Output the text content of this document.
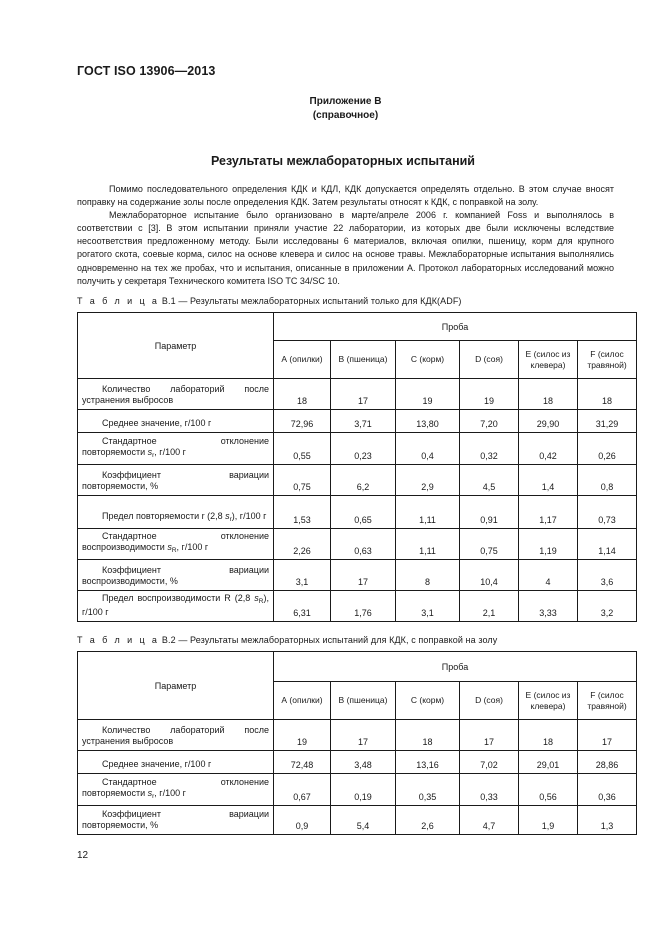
ГОСТ ISO 13906—2013
Приложение В
(справочное)
Результаты межлабораторных испытаний

Помимо последовательного определения КДК и КДЛ, КДК допускается определять отдельно. В этом случае вносят поправку на содержание золы после определения КДК. Затем результаты относят к КДК, с поправкой на золу.

Межлабораторное испытание было организовано в марте/апреле 2006 г. компанией Foss и выполнялось в соответствии с [3]. В этом испытании приняли участие 22 лаборатории, из которых две были исключены вследствие несоответствия предложенному методу. Были исследованы 6 материалов, включая опилки, пшеницу, корм для крупного рогатого скота, соевые корма, силос на основе клевера и силос на основе травы. Межлабораторные испытания выполнялись одновременно на тех же пробах, что и испытания, описанные в приложении А. Протокол лабораторных исследований можно получить у секретаря Технического комитета ISO TC 34/SC 10.

Т а б л и ц а В.1 — Результаты межлабораторных испытаний только для КДК(ADF)
Параметр	Проба					
	А (опилки)	В (пшеница)	С (корм)	D (соя)	Е (силос из клевера)	F (силос травяной)

Количество лабораторий после устранения выбросов	18	17	19	19	18	18

Среднее значение, г/100 г	72,96	3,71	13,80	7,20	29,90	31,29

Стандартное отклонение повторяемости $s_r$, г/100 г	0,55	0,23	0,4	0,32	0,42	0,26

Коэффициент вариации повторяемости, %	0,75	6,2	2,9	4,5	1,4	0,8

Предел повторяемости r (2,8 $s_r$), г/100 г	1,53	0,65	1,11	0,91	1,17	0,73

Стандартное отклонение воспроизводимости $s_R$, г/100 г	2,26	0,63	1,11	0,75	1,19	1,14

Коэффициент вариации воспроизводимости, %	3,1	17	8	10,4	4	3,6

Предел воспроизводимости R (2,8 $s_R$), г/100 г	6,31	1,76	3,1	2,1	3,33	3,2
Т а б л и ц а В.2 — Результаты межлабораторных испытаний для КДК, с поправкой на золу
Параметр	Проба					
	А (опилки)	В (пшеница)	С (корм)	D (соя)	Е (силос из клевера)	F (силос травяной)

Количество лабораторий после устранения выбросов	19	17	18	17	18	17

Среднее значение, г/100 г	72,48	3,48	13,16	7,02	29,01	28,86

Стандартное отклонение повторяемости $s_r$, г/100 г	0,67	0,19	0,35	0,33	0,56	0,36

Коэффициент вариации повторяемости, %	0,9	5,4	2,6	4,7	1,9	1,3
12
